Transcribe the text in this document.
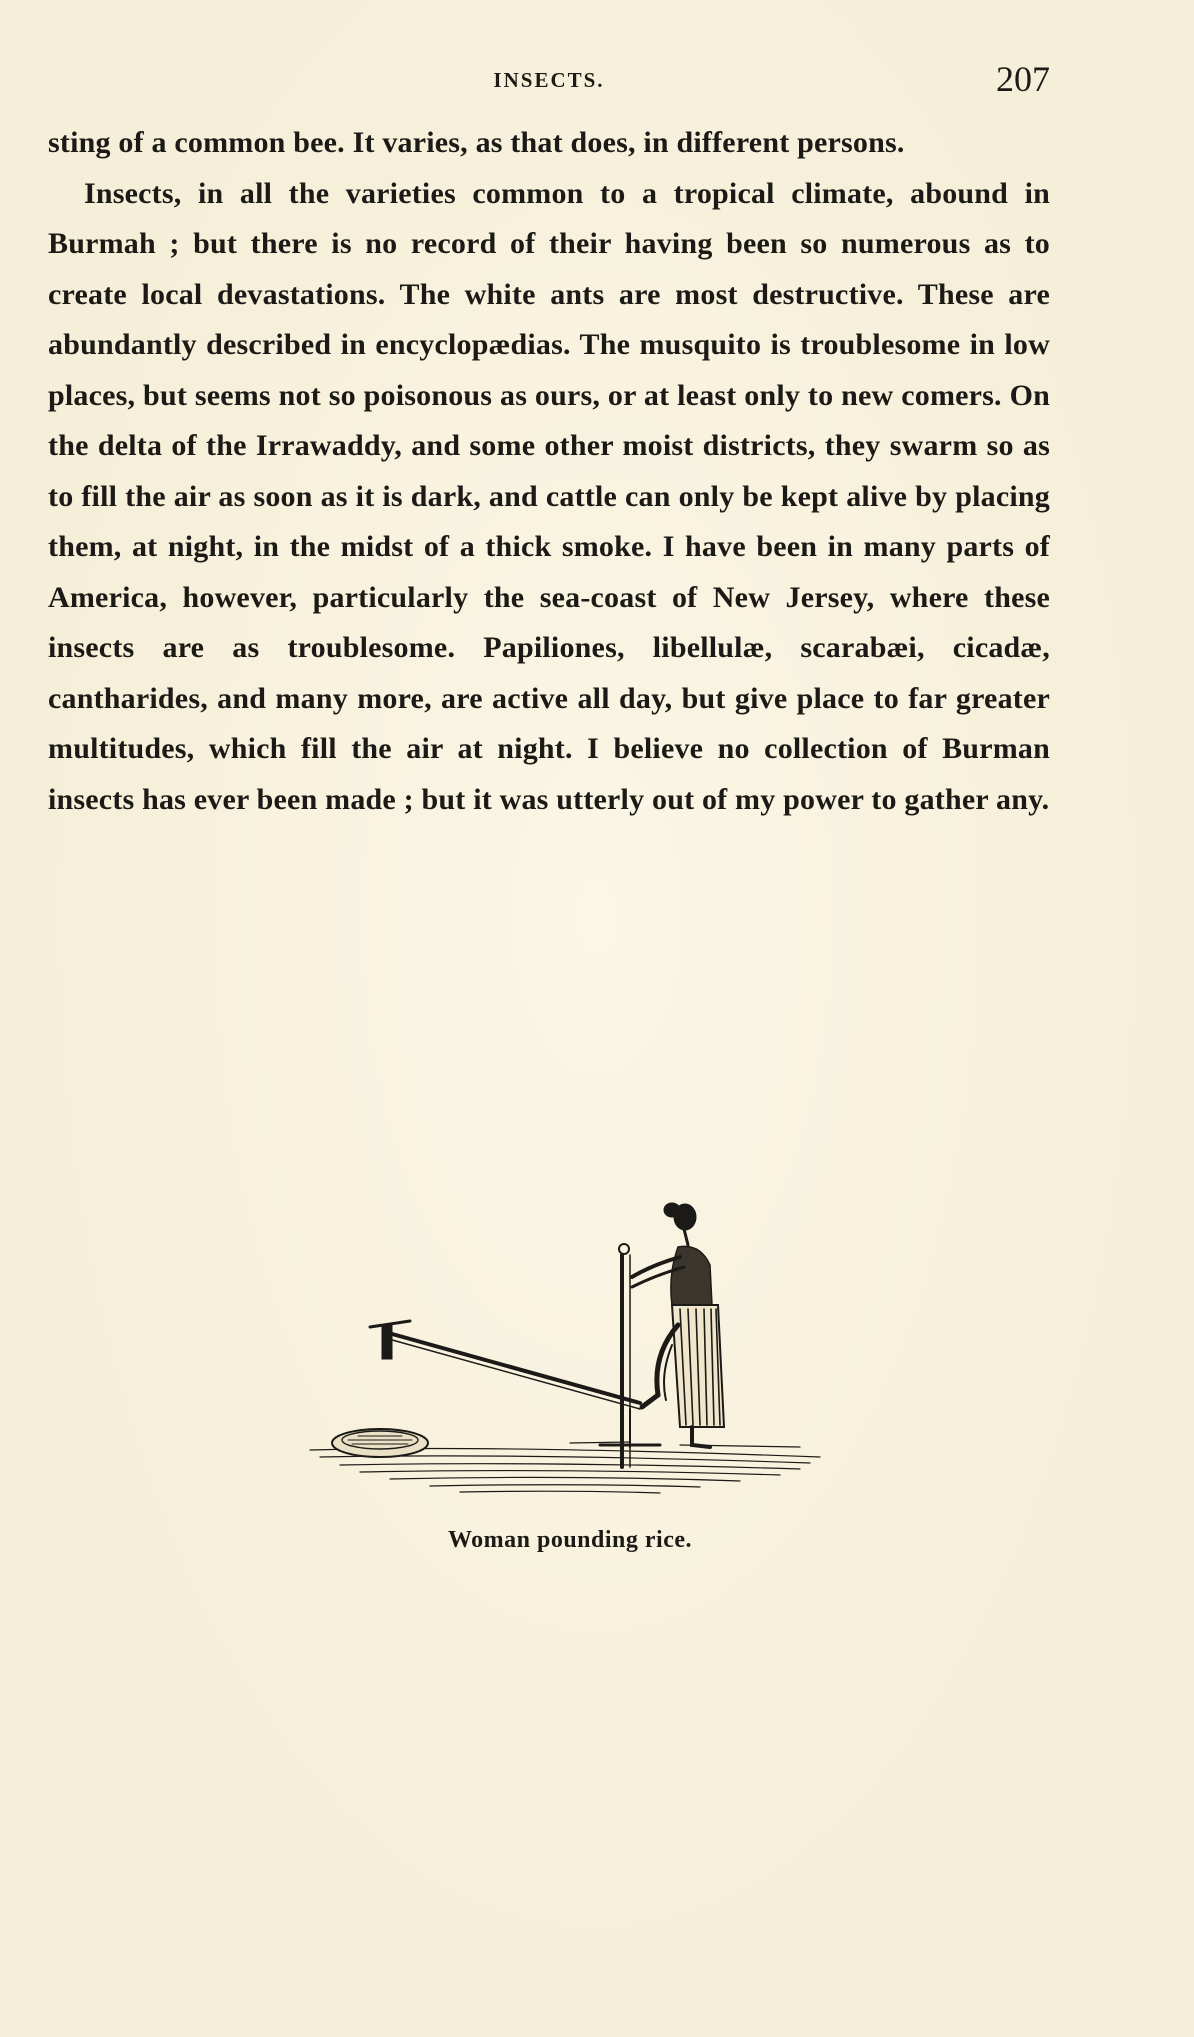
INSECTS.	207

sting of a common bee. It varies, as that does, in different persons.

Insects, in all the varieties common to a tropical climate, abound in Burmah ; but there is no record of their having been so numerous as to create local devastations. The white ants are most destructive. These are abundantly described in encyclopædias. The musquito is troublesome in low places, but seems not so poisonous as ours, or at least only to new comers. On the delta of the Irrawaddy, and some other moist districts, they swarm so as to fill the air as soon as it is dark, and cattle can only be kept alive by placing them, at night, in the midst of a thick smoke. I have been in many parts of America, however, particularly the sea-coast of New Jersey, where these insects are as troublesome. Papiliones, libellulæ, scarabæi, cicadæ, cantharides, and many more, are active all day, but give place to far greater multitudes, which fill the air at night. I believe no collection of Burman insects has ever been made ; but it was utterly out of my power to gather any.

Woman pounding rice.
